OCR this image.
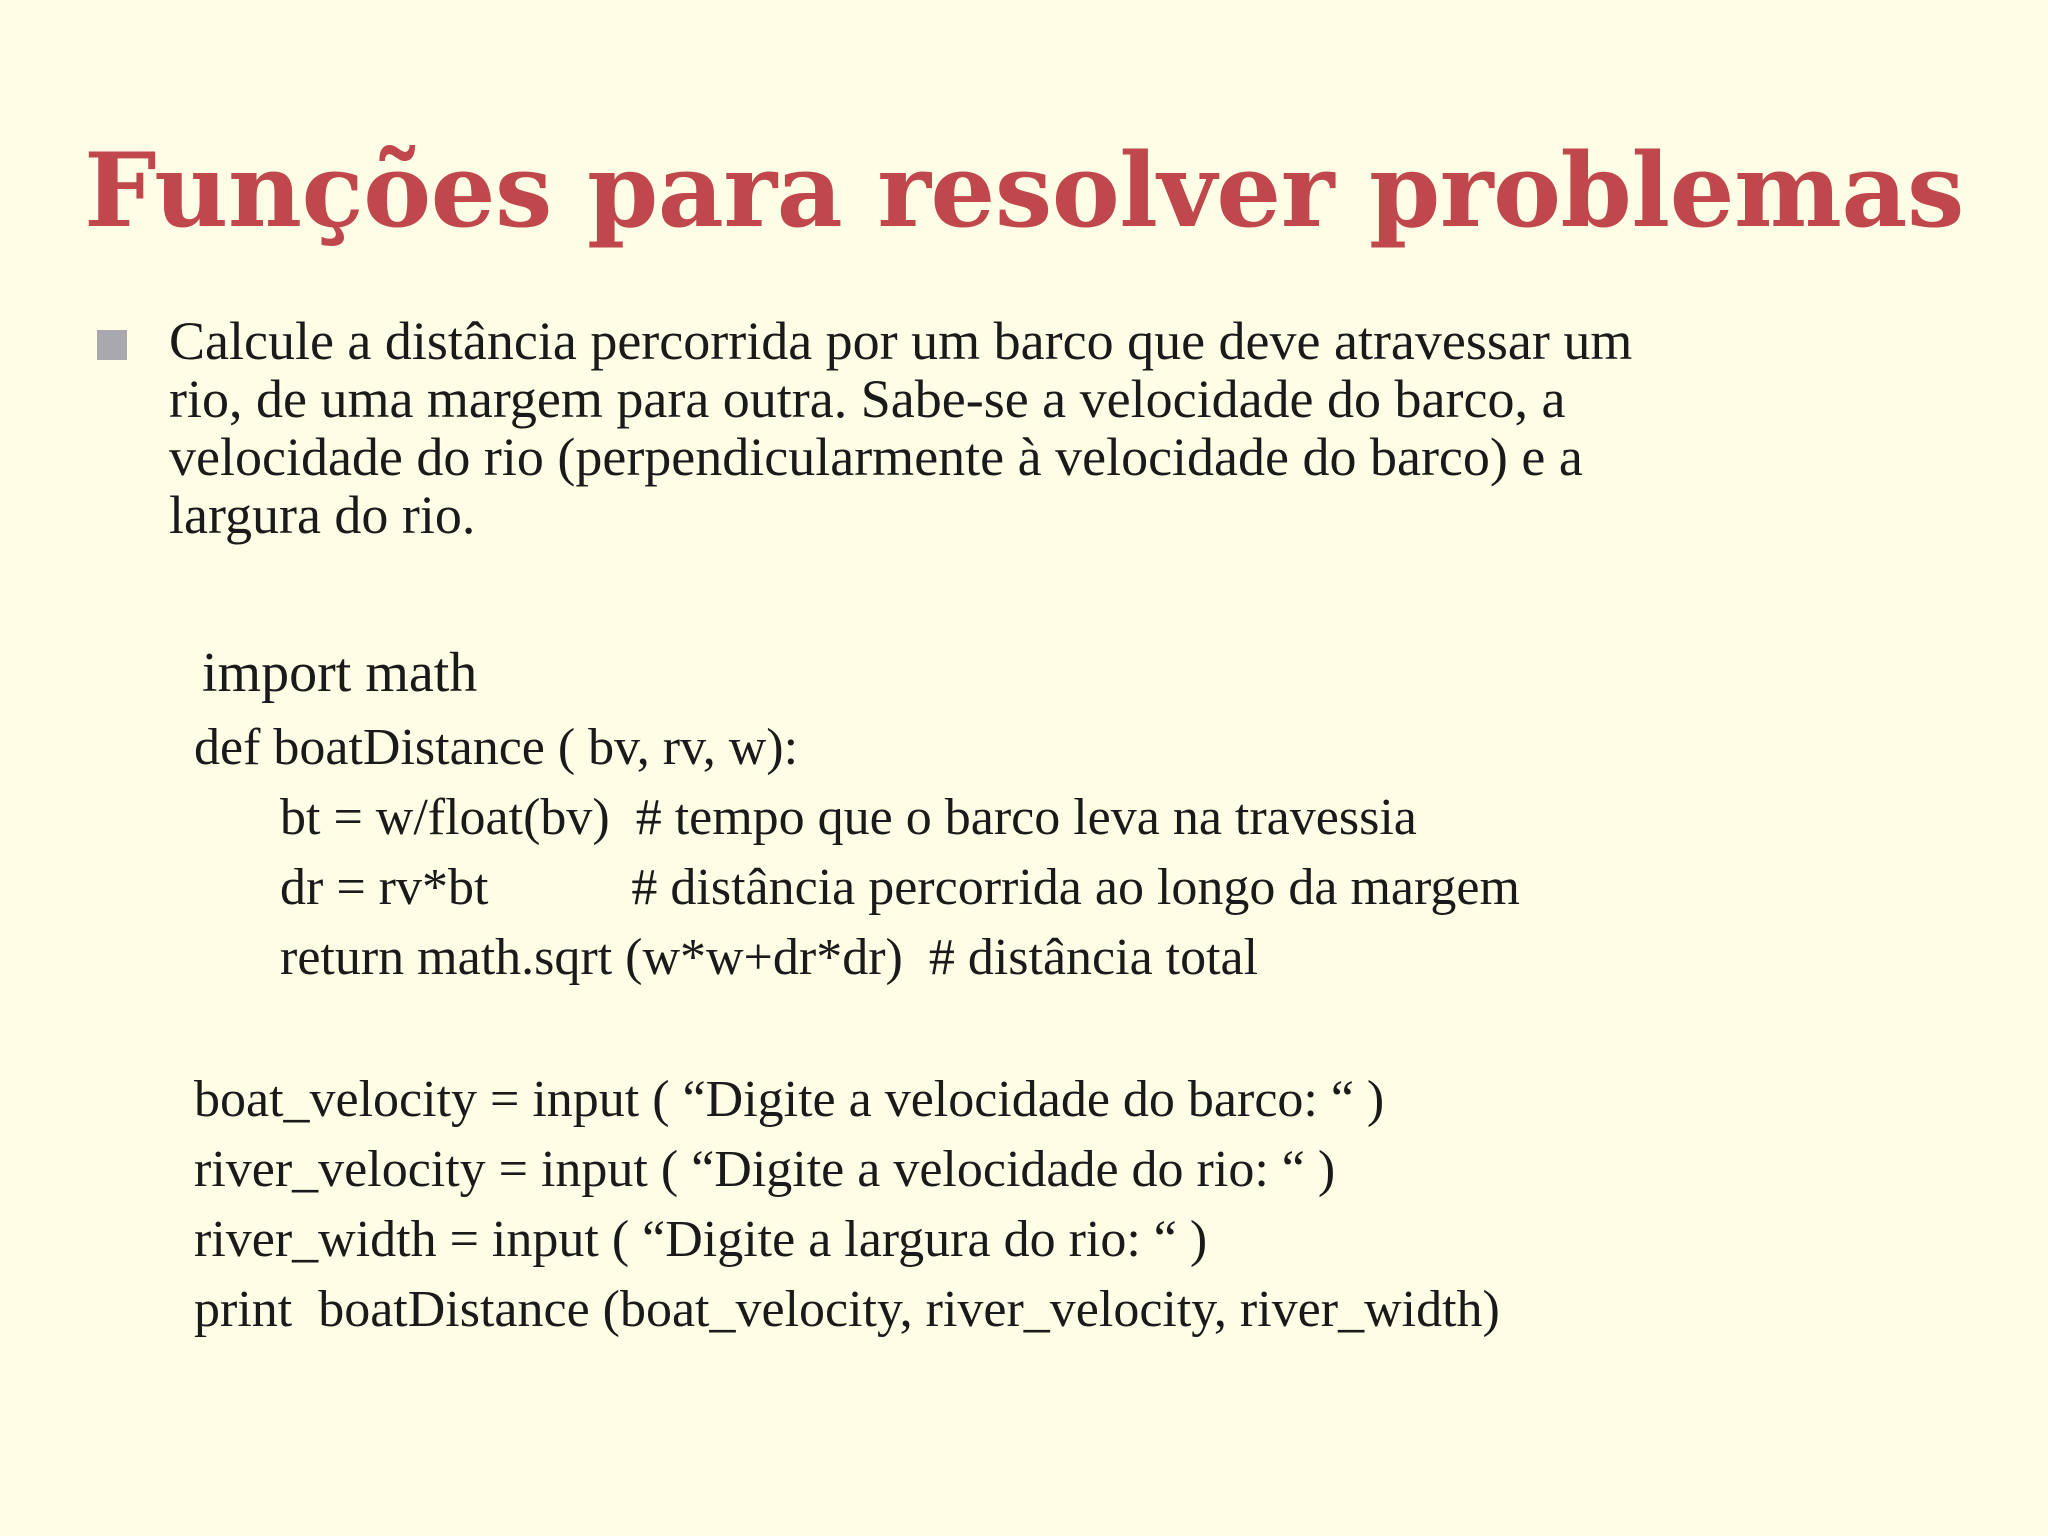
Funções para resolver problemas
Calcule a distância percorrida por um barco que deve atravessar um
rio, de uma margem para outra. Sabe-se a velocidade do barco, a
velocidade do rio (perpendicularmente à velocidade do barco) e a
largura do rio.
import math
def boatDistance ( bv, rv, w):
bt = w/float(bv)  # tempo que o barco leva na travessia
dr = rv*bt           # distância percorrida ao longo da margem
return math.sqrt (w*w+dr*dr)  # distância total
boat_velocity = input ( “Digite a velocidade do barco: “ )
river_velocity = input ( “Digite a velocidade do rio: “ )
river_width = input ( “Digite a largura do rio: “ )
print  boatDistance (boat_velocity, river_velocity, river_width)
